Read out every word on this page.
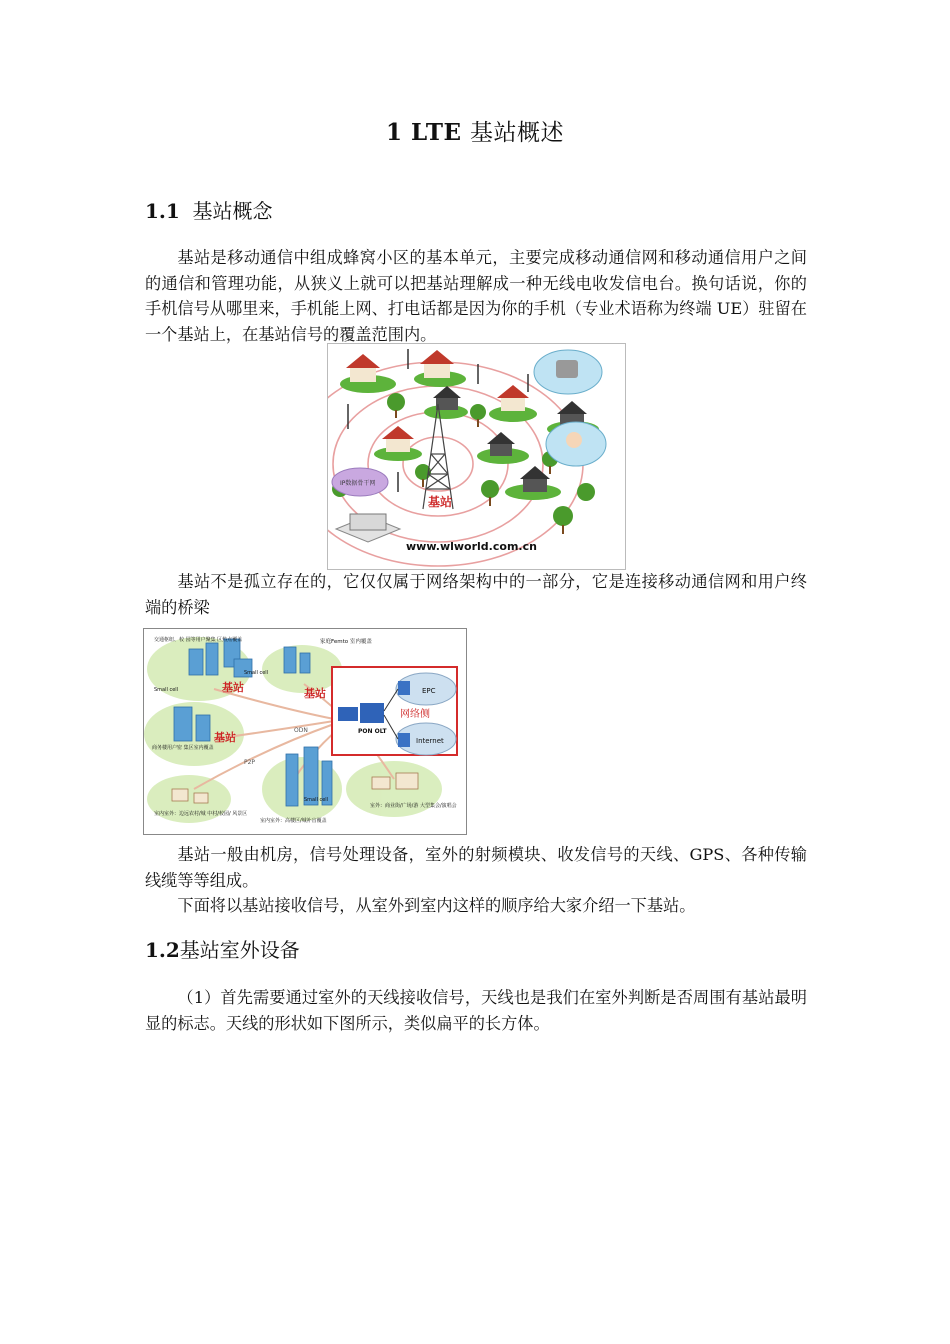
1 LTE 基站概述
1.1 基站概念

基站是移动通信中组成蜂窝小区的基本单元，主要完成移动通信网和移动通信用户之间的通信和管理功能，从狭义上就可以把基站理解成一种无线电收发信电台。换句话说，你的手机信号从哪里来，手机能上网、打电话都是因为你的手机（专业术语称为终端 UE）驻留在一个基站上，在基站信号的覆盖范围内。

基站
IP数据骨干网
www.wlworld.com.cn

基站不是孤立存在的，它仅仅属于网络架构中的一部分，它是连接移动通信网和用户终端的桥梁

基站	基站
基站
交通枢纽、校 园等用户聚集 区热点覆盖
Small cell
Small cell
Small cell
家庭Femto 室内覆盖
商务楼用户密 集区室内覆盖
室内室外：边远农村/城 中村/校园/ 风景区
室外：商业街/广场/游 大型集会/演唱会
室内室外：高楼区/城补盲覆盖
ODN
P2P
EPC
Internet
网络侧
PON OLT

基站一般由机房，信号处理设备，室外的射频模块、收发信号的天线、GPS、各种传输线缆等等组成。

下面将以基站接收信号，从室外到室内这样的顺序给大家介绍一下基站。

1.2基站室外设备

（1）首先需要通过室外的天线接收信号，天线也是我们在室外判断是否周围有基站最明显的标志。天线的形状如下图所示，类似扁平的长方体。
